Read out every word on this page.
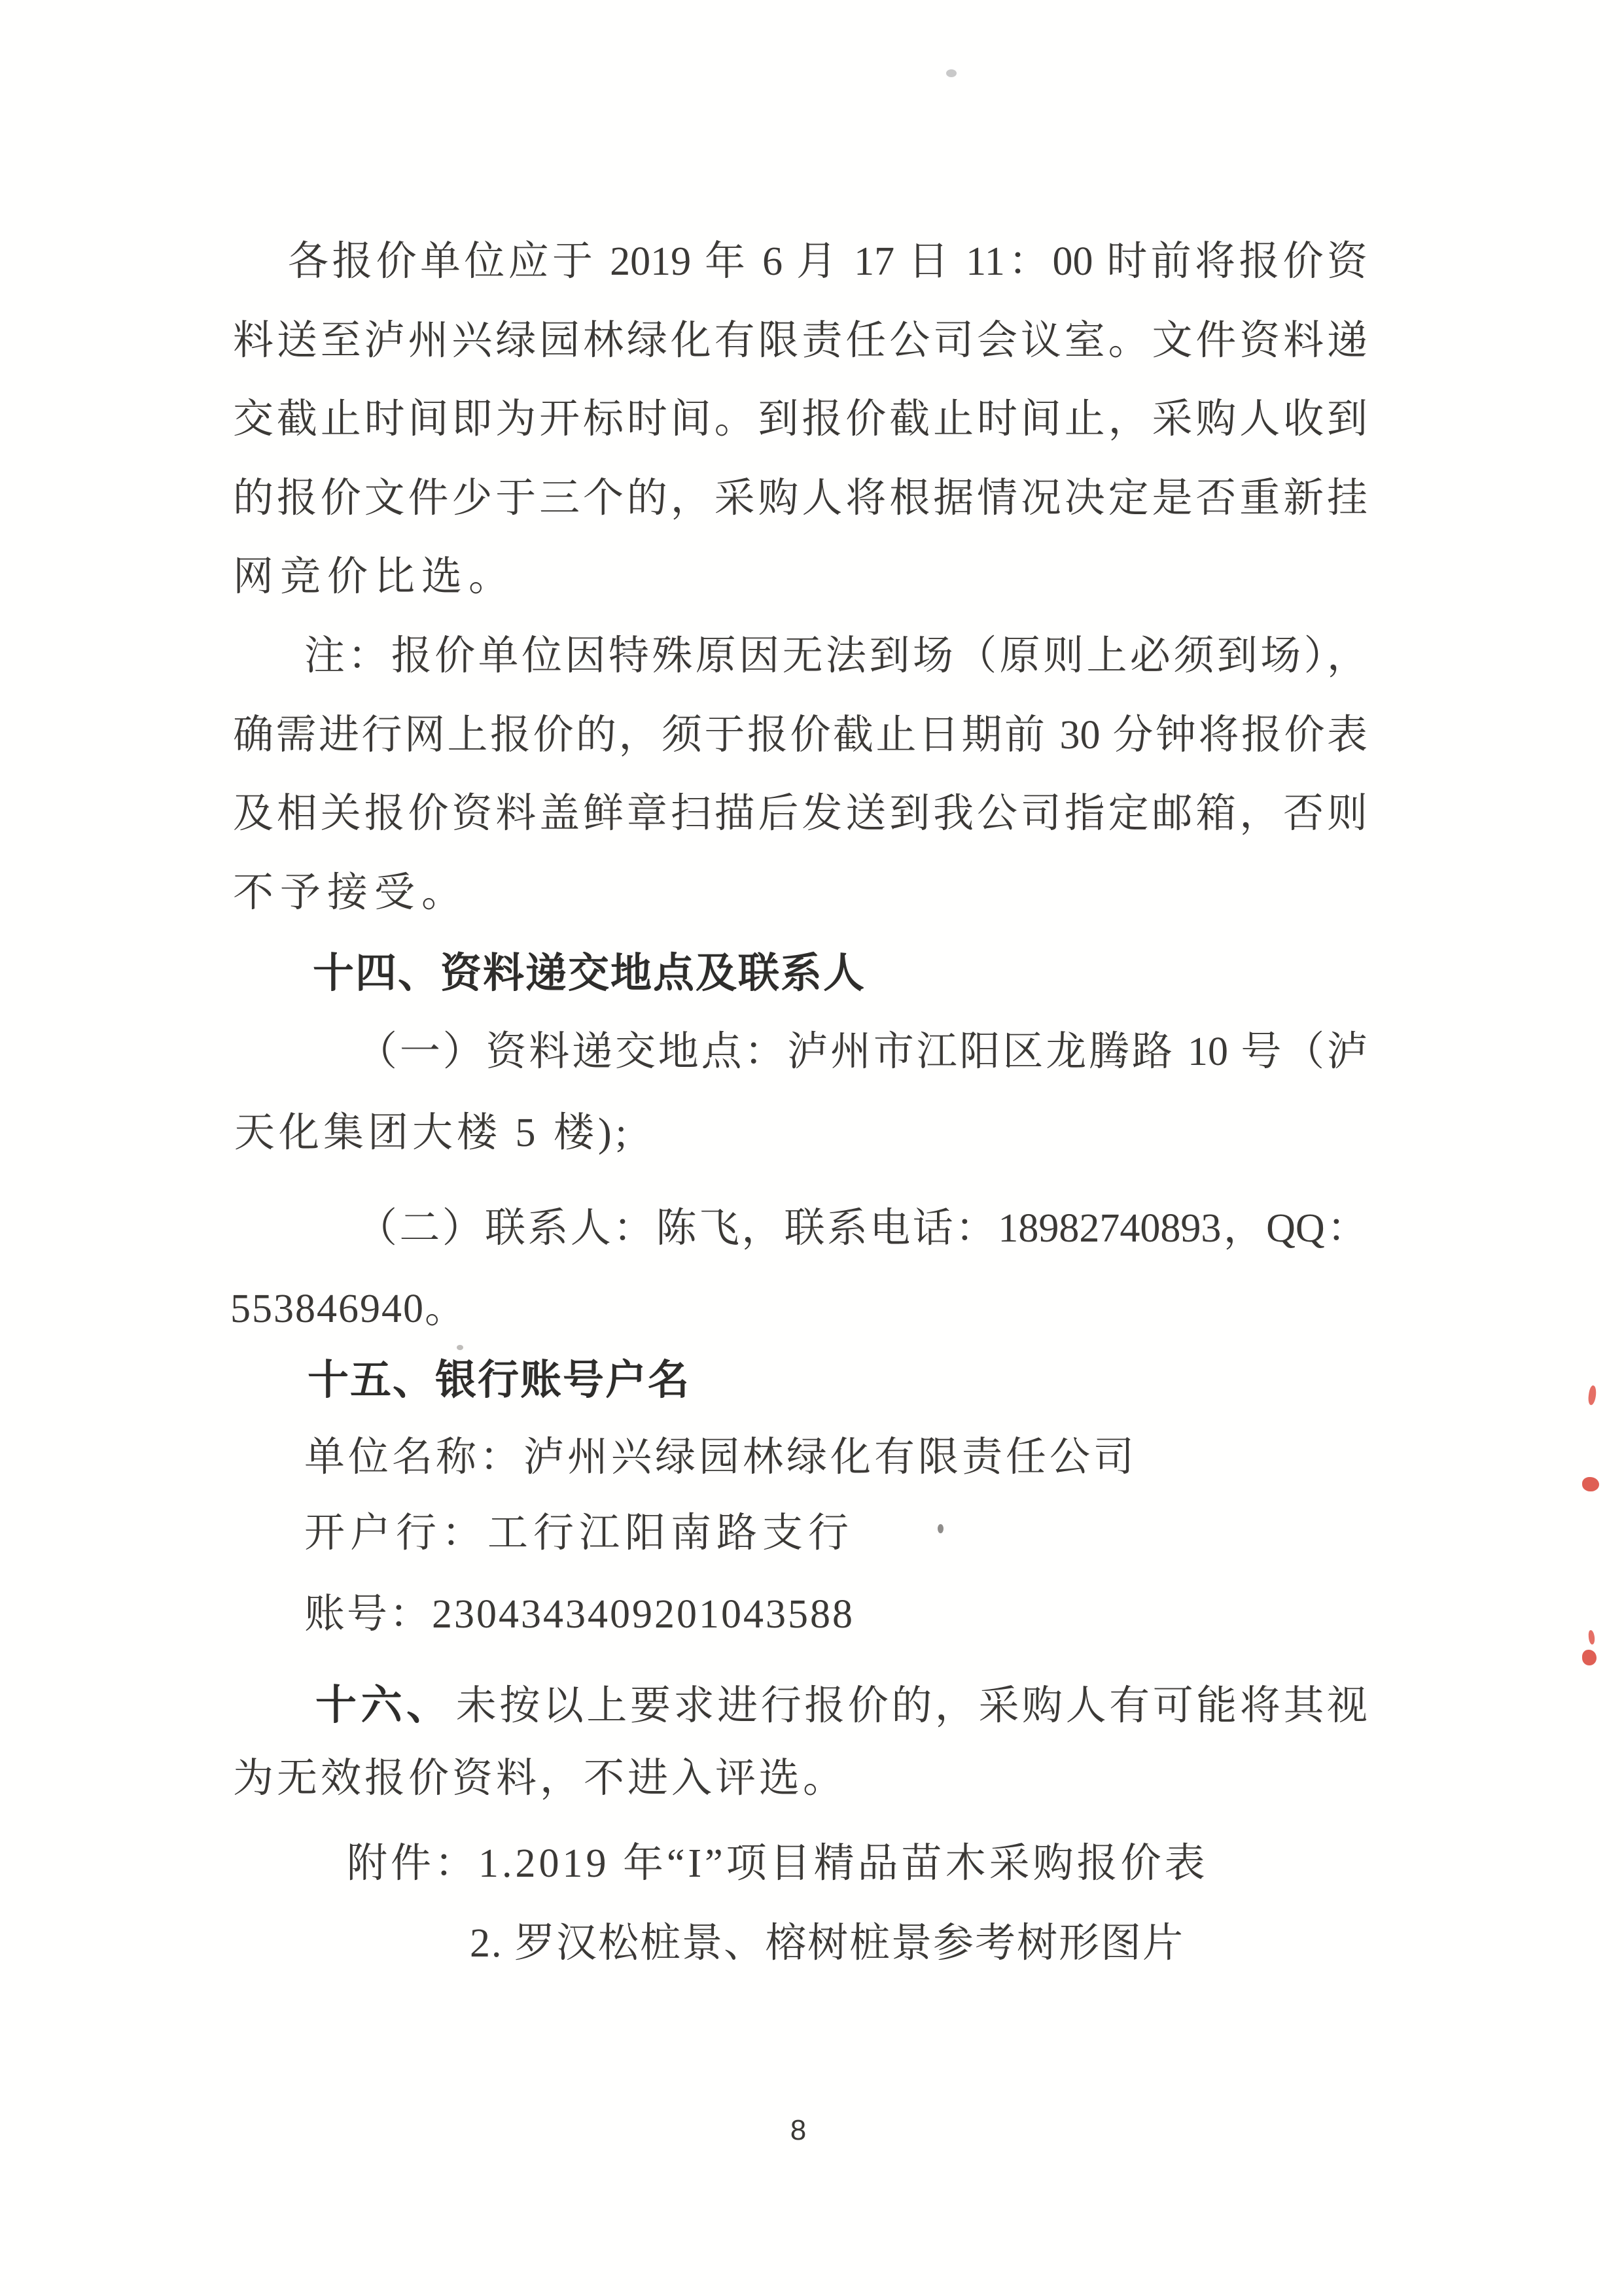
各报价单位应于 2019 年 6 月 17 日 11：00 时前将报价资
料送至泸州兴绿园林绿化有限责任公司会议室。文件资料递
交截止时间即为开标时间。到报价截止时间止，采购人收到
的报价文件少于三个的，采购人将根据情况决定是否重新挂
网竞价比选。
注：报价单位因特殊原因无法到场（原则上必须到场），
确需进行网上报价的，须于报价截止日期前 30 分钟将报价表
及相关报价资料盖鲜章扫描后发送到我公司指定邮箱，否则
不予接受。
十四、资料递交地点及联系人
（一）资料递交地点：泸州市江阳区龙腾路 10 号（泸
天化集团大楼 5 楼);
（二）联系人：陈飞，联系电话：18982740893，QQ：
553846940。
十五、银行账号户名
单位名称：泸州兴绿园林绿化有限责任公司
开户行：工行江阳南路支行
账号：2304343409201043588
十六、未按以上要求进行报价的，采购人有可能将其视
为无效报价资料，不进入评选。
附件：1.2019 年“I”项目精品苗木采购报价表
2. 罗汉松桩景、榕树桩景参考树形图片
8
